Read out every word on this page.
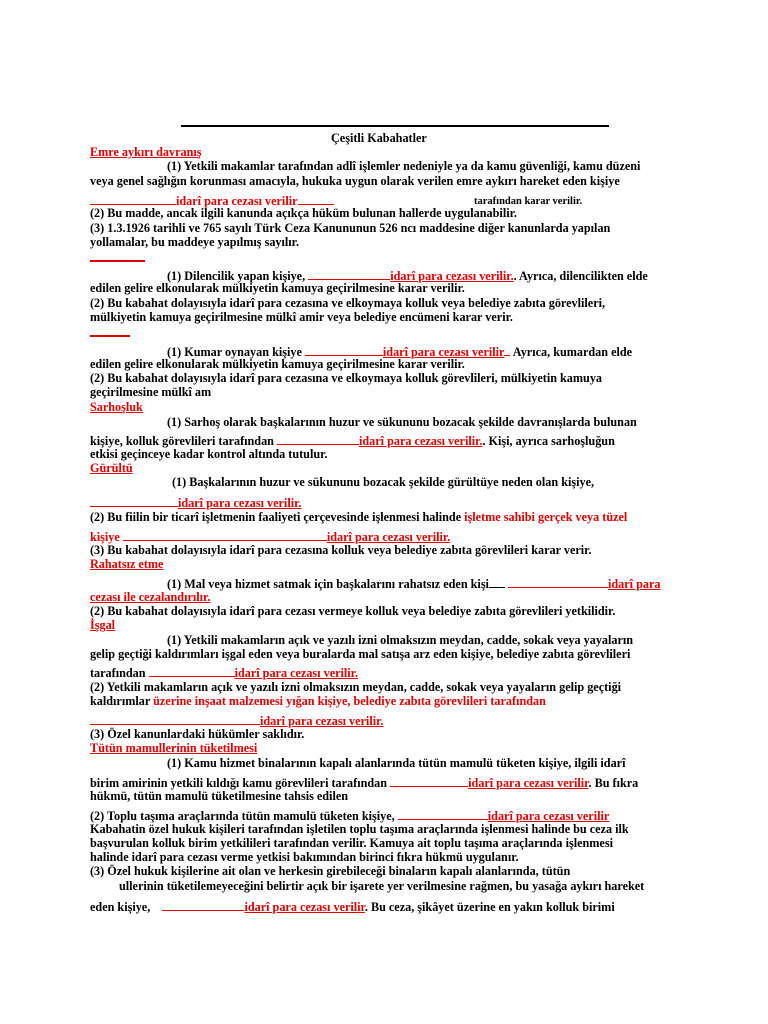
Çeşitli Kabahatler
Emre aykırı davranış
(1) Yetkili makamlar tarafından adlî işlemler nedeniyle ya da kamu güvenliği, kamu düzeni
veya genel sağlığın korunması amacıyla, hukuka uygun olarak verilen emre aykırı hareket eden kişiye
idarî para cezası verilir	tarafından karar verilir.
(2) Bu madde, ancak ilgili kanunda açıkça hüküm bulunan hallerde uygulanabilir.
(3) 1.3.1926 tarihli ve 765 sayılı Türk Ceza Kanununun 526 ncı maddesine diğer kanunlarda yapılan
yollamalar, bu maddeye yapılmış sayılır.
(1) Dilencilik yapan kişiye,	idarî para cezası verilir.. Ayrıca, dilencilikten elde
edilen gelire elkonularak mülkiyetin kamuya geçirilmesine karar verilir.
(2) Bu kabahat dolayısıyla idarî para cezasına ve elkoymaya kolluk veya belediye zabıta görevlileri,
mülkiyetin kamuya geçirilmesine mülkî amir veya belediye encümeni karar verir.
(1) Kumar oynayan kişiye	idarî para cezası verilir Ayrıca, kumardan elde
edilen gelire elkonularak mülkiyetin kamuya geçirilmesine karar verilir.
(2) Bu kabahat dolayısıyla idarî para cezasına ve elkoymaya kolluk görevlileri, mülkiyetin kamuya
geçirilmesine mülkî am
Sarhoşluk
(1) Sarhoş olarak başkalarının huzur ve sükununu bozacak şekilde davranışlarda bulunan
kişiye, kolluk görevlileri tarafından	idarî para cezası verilir.. Kişi, ayrıca sarhoşluğun
etkisi geçinceye kadar kontrol altında tutulur.
Gürültü
(1) Başkalarının huzur ve sükununu bozacak şekilde gürültüye neden olan kişiye,
idarî para cezası verilir.
(2) Bu fiilin bir ticarî işletmenin faaliyeti çerçevesinde işlenmesi halinde işletme sahibi gerçek veya tüzel
kişiye	idarî para cezası verilir.
(3) Bu kabahat dolayısıyla idarî para cezasına kolluk veya belediye zabıta görevlileri karar verir.
Rahatsız etme
(1) Mal veya hizmet satmak için başkalarını rahatsız eden kişi	idarî para
cezası ile cezalandırılır.
(2) Bu kabahat dolayısıyla idarî para cezası vermeye kolluk veya belediye zabıta görevlileri yetkilidir.
İşgal
(1) Yetkili makamların açık ve yazılı izni olmaksızın meydan, cadde, sokak veya yayaların
gelip geçtiği kaldırımları işgal eden veya buralarda mal satışa arz eden kişiye, belediye zabıta görevlileri
tarafından	idarî para cezası verilir.
(2) Yetkili makamların açık ve yazılı izni olmaksızın meydan, cadde, sokak veya yayaların gelip geçtiği
kaldırımlar üzerine inşaat malzemesi yığan kişiye, belediye zabıta görevlileri tarafından
idarî para cezası verilir.
(3) Özel kanunlardaki hükümler saklıdır.
Tütün mamullerinin tüketilmesi
(1) Kamu hizmet binalarının kapalı alanlarında tütün mamulü tüketen kişiye, ilgili idarî
birim amirinin yetkili kıldığı kamu görevlileri tarafından	idarî para cezası verilir. Bu fıkra
hükmü, tütün mamulü tüketilmesine tahsis edilen
(2) Toplu taşıma araçlarında tütün mamulü tüketen kişiye,	idarî para cezası verilir
Kabahatin özel hukuk kişileri tarafından işletilen toplu taşıma araçlarında işlenmesi halinde bu ceza ilk
başvurulan kolluk birim yetkilileri tarafından verilir. Kamuya ait toplu taşıma araçlarında işlenmesi
halinde idarî para cezası verme yetkisi bakımından birinci fıkra hükmü uygulanır.
(3) Özel hukuk kişilerine ait olan ve herkesin girebileceği binaların kapalı alanlarında, tütün
ullerinin tüketilemeyeceğini belirtir açık bir işarete yer verilmesine rağmen, bu yasağa aykırı hareket
eden kişiye,	idarî para cezası verilir. Bu ceza, şikâyet üzerine en yakın kolluk birimi
